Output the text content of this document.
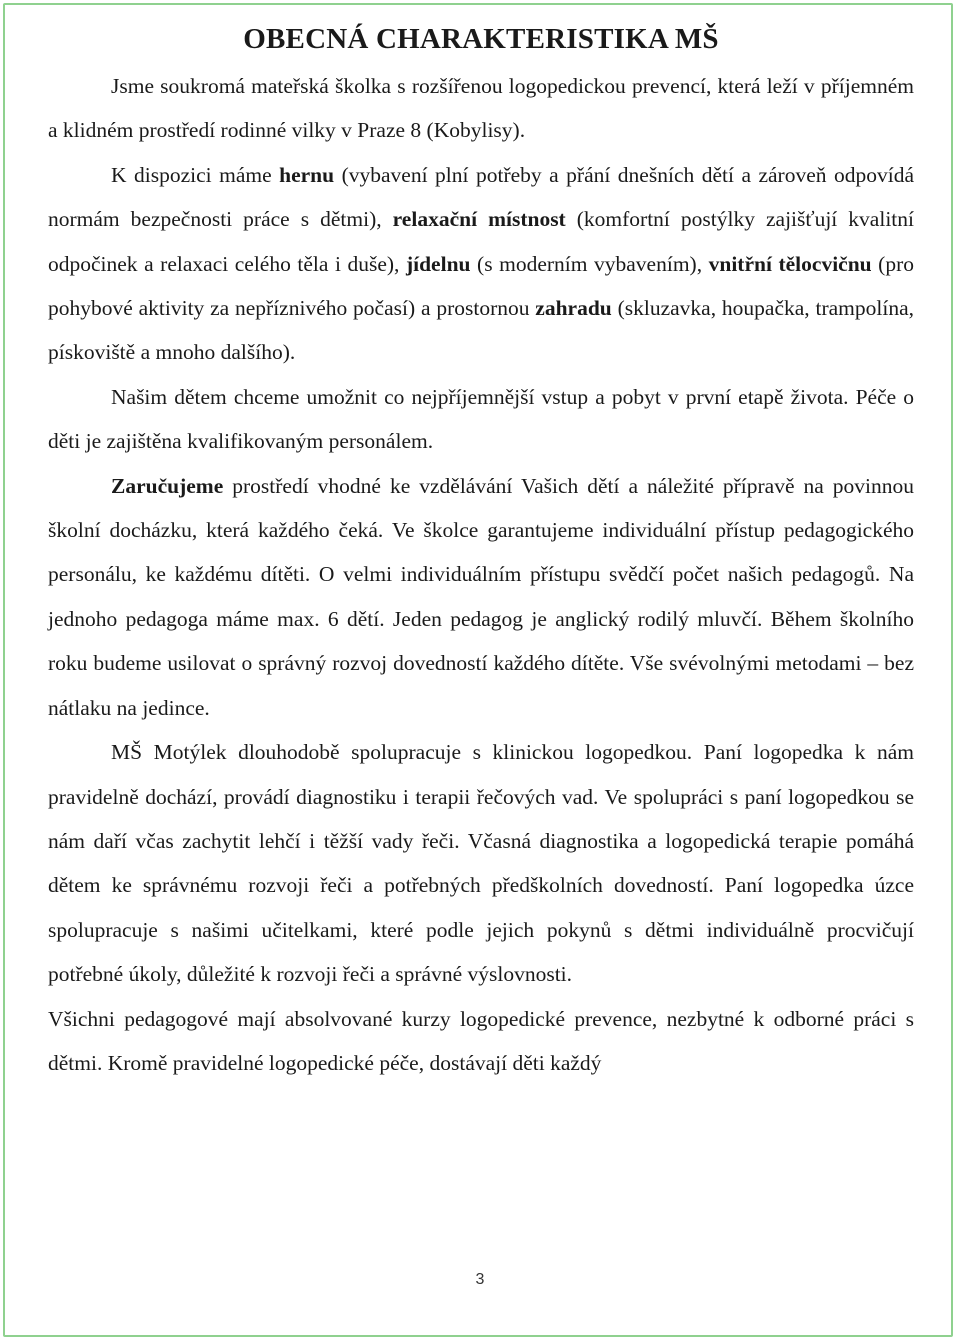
OBECNÁ CHARAKTERISTIKA MŠ

Jsme soukromá mateřská školka s rozšířenou logopedickou prevencí, která leží v příjemném a klidném prostředí rodinné vilky v Praze 8 (Kobylisy).

K dispozici máme hernu (vybavení plní potřeby a přání dnešních dětí a zároveň odpovídá normám bezpečnosti práce s dětmi), relaxační místnost (komfortní postýlky zajišťují kvalitní odpočinek a relaxaci celého těla i duše), jídelnu (s moderním vybavením), vnitřní tělocvičnu (pro pohybové aktivity za nepříznivého počasí) a prostornou zahradu (skluzavka, houpačka, trampolína, pískoviště a mnoho dalšího).

Našim dětem chceme umožnit co nejpříjemnější vstup a pobyt v první etapě života. Péče o děti je zajištěna kvalifikovaným personálem.

Zaručujeme prostředí vhodné ke vzdělávání Vašich dětí a náležité přípravě na povinnou školní docházku, která každého čeká. Ve školce garantujeme individuální přístup pedagogického personálu, ke každému dítěti. O velmi individuálním přístupu svědčí počet našich pedagogů. Na jednoho pedagoga máme max. 6 dětí. Jeden pedagog je anglický rodilý mluvčí. Během školního roku budeme usilovat o správný rozvoj dovedností každého dítěte. Vše svévolnými metodami – bez nátlaku na jedince.

MŠ Motýlek dlouhodobě spolupracuje s klinickou logopedkou. Paní logopedka k nám pravidelně dochází, provádí diagnostiku i terapii řečových vad. Ve spolupráci s paní logopedkou se nám daří včas zachytit lehčí i těžší vady řeči. Včasná diagnostika a logopedická terapie pomáhá dětem ke správnému rozvoji řeči a potřebných předškolních dovedností. Paní logopedka úzce spolupracuje s našimi učitelkami, které podle jejich pokynů s dětmi individuálně procvičují potřebné úkoly, důležité k rozvoji řeči a správné výslovnosti.

Všichni pedagogové mají absolvované kurzy logopedické prevence, nezbytné k odborné práci s dětmi. Kromě pravidelné logopedické péče, dostávají děti každý

3
